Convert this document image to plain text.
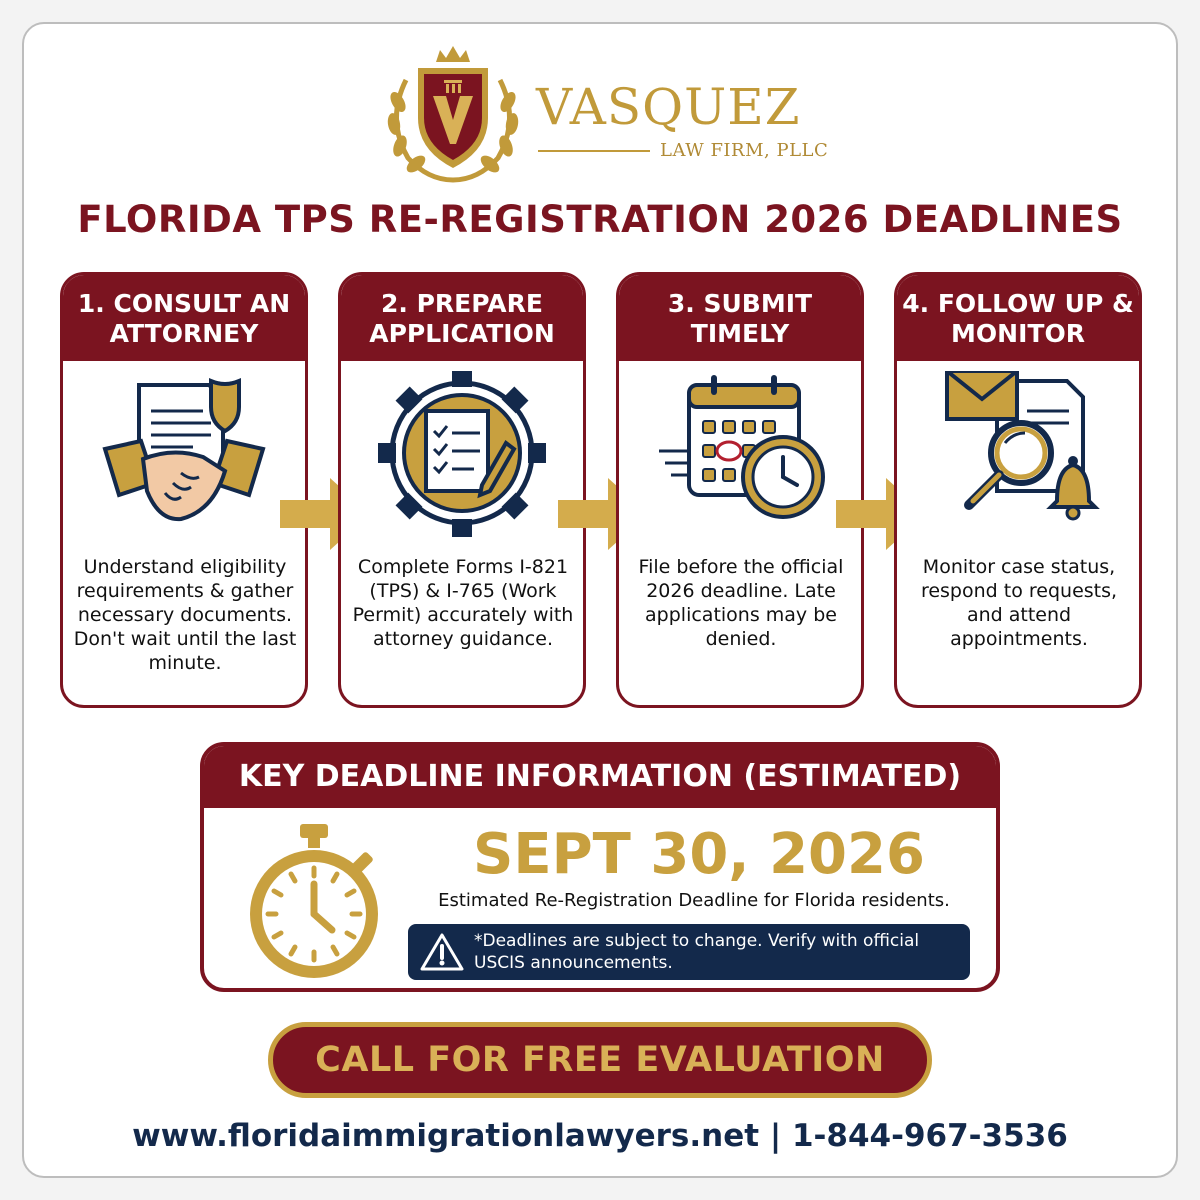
VASQUEZ
LAW FIRM, PLLC
FLORIDA TPS RE-REGISTRATION 2026 DEADLINES
1. CONSULT AN ATTORNEY
Understand eligibility requirements & gather necessary documents. Don't wait until the last minute.
2. PREPARE APPLICATION
Complete Forms I-821 (TPS) & I-765 (Work Permit) accurately with attorney guidance.
3. SUBMIT TIMELY
File before the official 2026 deadline. Late applications may be denied.
4. FOLLOW UP & MONITOR
Monitor case status, respond to requests, and attend appointments.
KEY DEADLINE INFORMATION (ESTIMATED)
SEPT 30, 2026
Estimated Re-Registration Deadline for Florida residents.
*Deadlines are subject to change. Verify with official USCIS announcements.
CALL FOR FREE EVALUATION
www.floridaimmigrationlawyers.net | 1-844-967-3536
